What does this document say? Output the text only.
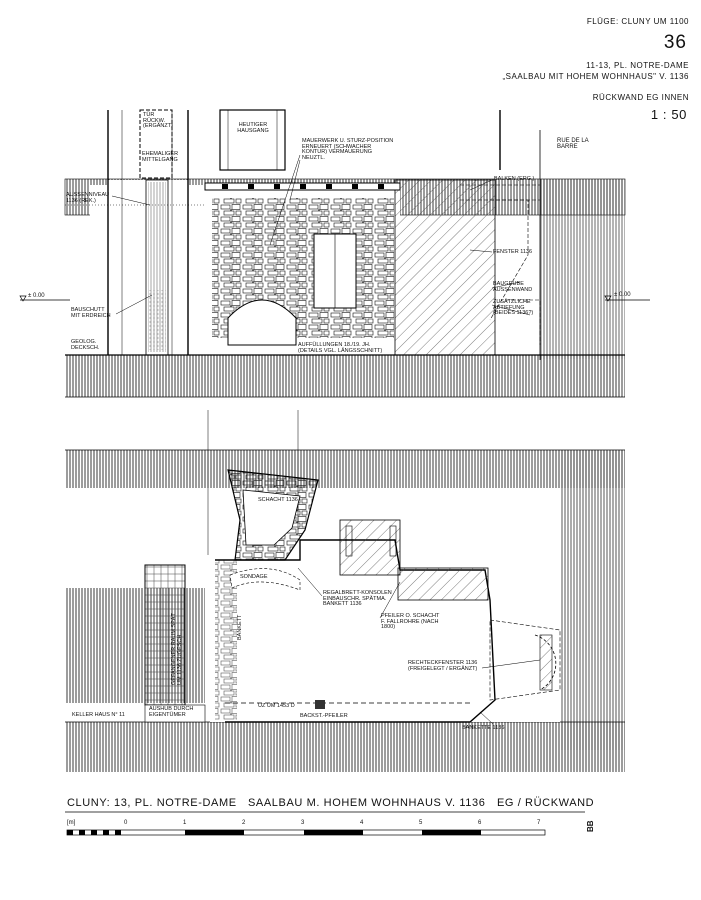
FLÜGE: CLUNY UM 1100
36
11-13, PL. NOTRE-DAME
„SAALBAU MIT HOHEM WOHNHAUS" V. 1136
RÜCKWAND EG INNEN
1 : 50
TÜR RÜCKW. (ERGÄNZT)	HEUTIGER HAUSGANG
EHEMALIGER MITTELGANG
MAUERWERK U. STURZ-POSITION ERNEUERT (SCHWACHER KONTUR) VERMAUERUNG NEUZTL.
RUE DE LA BARRE
BALKEN (ERG.)
AUSSENNIVEAU 1136 (REK.)
FENSTER 1136
± 0.00	± 0.00
BAUGRUBE AUSSENWAND
ZUSÄTZLICHE ABTIEFUNG (BEIDES 1136?)
BAUSCHUTT MIT ERDREICH
GEOLOG. DECKSCH.	AUFFÜLLUNGEN 18./19. JH. (DETAILS VGL. LÄNGSSCHNITT)
SCHACHT 1136
SONDAGE
REGALBRETT-KONSOLEN EINBAUSCHR. SPÄTMA. BANKETT 1136
PFEILER O. SCHACHT F. FALLROHRE (NACH 1800)
BANKETT
GEFANGENER RAUM SPÄT UM 1136 ZUGESCH.	RECHTECKFENSTER 1136 (FREIGELEGT / ERGÄNZT)
KELLER HAUS N° 11
AUSHUB DURCH EIGENTÜMER
UZ UM 1453 D
BACKST.-PFEILER
BANKETTE 1136
CLUNY: 13, PL. NOTRE-DAME SAALBAU M. HOHEM WOHNHAUS V. 1136 EG / RÜCKWAND
[m]	0	1	2	3	4	5	6	7	BB
